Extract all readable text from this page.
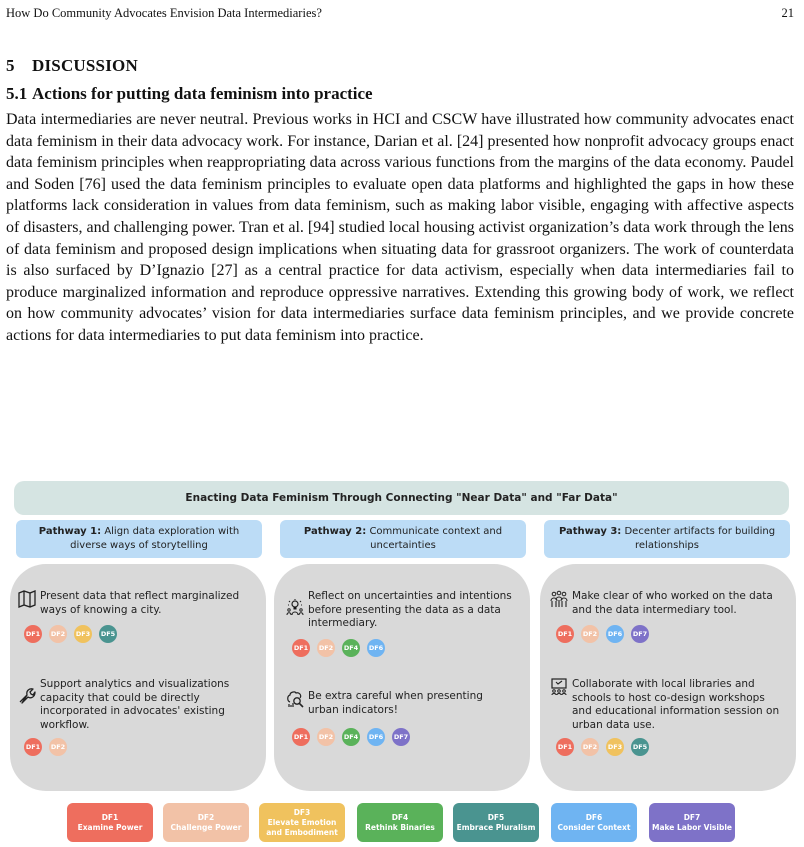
How Do Community Advocates Envision Data Intermediaries?	21
5 DISCUSSION
5.1 Actions for putting data feminism into practice
Data intermediaries are never neutral. Previous works in HCI and CSCW have illustrated how community advocates enact data feminism in their data advocacy work. For instance, Darian et al. [24] presented how nonprofit advocacy groups enact data feminism principles when reappropriating data across various functions from the margins of the data economy. Paudel and Soden [76] used the data feminism principles to evaluate open data platforms and highlighted the gaps in how these platforms lack consideration in values from data feminism, such as making labor visible, engaging with affective aspects of disasters, and challenging power. Tran et al. [94] studied local housing activist organization’s data work through the lens of data feminism and proposed design implications when situating data for grassroot organizers. The work of counterdata is also surfaced by D’Ignazio [27] as a central practice for data activism, especially when data intermediaries fail to produce marginalized information and reproduce oppressive narratives. Extending this growing body of work, we reflect on how community advocates’ vision for data intermediaries surface data feminism principles, and we provide concrete actions for data intermediaries to put data feminism into practice.
Enacting Data Feminism Through Connecting "Near Data" and "Far Data"
Pathway 1: Align data exploration with diverse ways of storytelling
Pathway 2: Communicate context and uncertainties
Pathway 3: Decenter artifacts for building relationships
Present data that reflect marginalized ways of knowing a city.
DF1 DF2 DF3 DF5
Support analytics and visualizations capacity that could be directly incorporated in advocates' existing workflow.
DF1 DF2
Reflect on uncertainties and intentions before presenting the data as a data intermediary.
DF1 DF2 DF4 DF6
Be extra careful when presenting urban indicators!
DF1 DF2 DF4 DF6 DF7
Make clear of who worked on the data and the data intermediary tool.
DF1 DF2 DF6 DF7
Collaborate with local libraries and schools to host co-design workshops and educational information session on urban data use.
DF1 DF2 DF3 DF5
DF1
Examine Power
DF2
Challenge Power
DF3
Elevate Emotion and Embodiment
DF4
Rethink Binaries
DF5
Embrace Pluralism
DF6
Consider Context
DF7
Make Labor Visible
